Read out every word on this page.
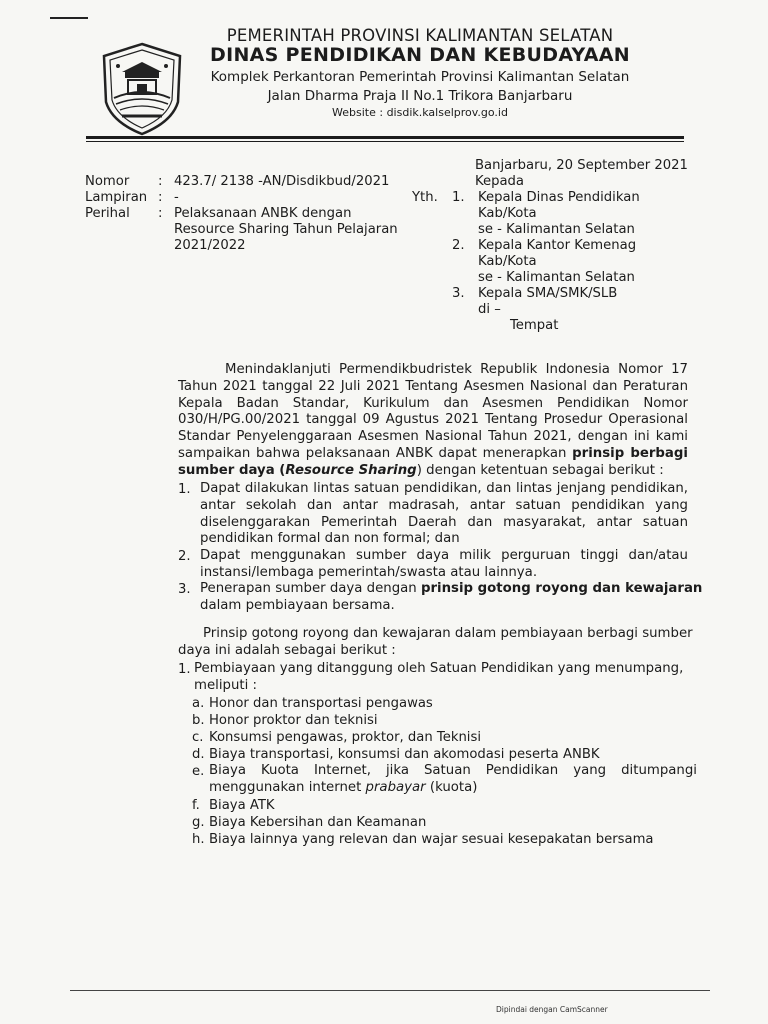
PEMERINTAH PROVINSI KALIMANTAN SELATAN
DINAS PENDIDIKAN DAN KEBUDAYAAN
Komplek Perkantoran Pemerintah Provinsi Kalimantan Selatan
Jalan Dharma Praja II No.1 Trikora Banjarbaru
Website : disdik.kalselprov.go.id
Nomor : 423.7/ 2138 -AN/Disdikbud/2021
Lampiran : -
Perihal : Pelaksanaan ANBK dengan
Resource Sharing Tahun Pelajaran
2021/2022
Banjarbaru, 20 September 2021
Kepada
Yth. 1. Kepala Dinas Pendidikan
Kab/Kota
se - Kalimantan Selatan
2. Kepala Kantor Kemenag
Kab/Kota
se - Kalimantan Selatan
3. Kepala SMA/SMK/SLB
di –
Tempat
Menindaklanjuti Permendikbudristek Republik Indonesia Nomor 17
Tahun 2021 tanggal 22 Juli 2021 Tentang Asesmen Nasional dan Peraturan
Kepala Badan Standar, Kurikulum dan Asesmen Pendidikan Nomor
030/H/PG.00/2021 tanggal 09 Agustus 2021 Tentang Prosedur Operasional
Standar Penyelenggaraan Asesmen Nasional Tahun 2021, dengan ini kami
sampaikan bahwa pelaksanaan ANBK dapat menerapkan prinsip berbagi
sumber daya (Resource Sharing) dengan ketentuan sebagai berikut :
1. Dapat dilakukan lintas satuan pendidikan, dan lintas jenjang pendidikan,
antar sekolah dan antar madrasah, antar satuan pendidikan yang
diselenggarakan Pemerintah Daerah dan masyarakat, antar satuan
pendidikan formal dan non formal; dan
2. Dapat menggunakan sumber daya milik perguruan tinggi dan/atau
instansi/lembaga pemerintah/swasta atau lainnya.
3. Penerapan sumber daya dengan prinsip gotong royong dan kewajaran
dalam pembiayaan bersama.
Prinsip gotong royong dan kewajaran dalam pembiayaan berbagi sumber
daya ini adalah sebagai berikut :
1. Pembiayaan yang ditanggung oleh Satuan Pendidikan yang menumpang,
meliputi :
a. Honor dan transportasi pengawas
b. Honor proktor dan teknisi
c. Konsumsi pengawas, proktor, dan Teknisi
d. Biaya transportasi, konsumsi dan akomodasi peserta ANBK
e. Biaya Kuota Internet, jika Satuan Pendidikan yang ditumpangi
menggunakan internet prabayar (kuota)
f. Biaya ATK
g. Biaya Kebersihan dan Keamanan
h. Biaya lainnya yang relevan dan wajar sesuai kesepakatan bersama
Dipindai dengan CamScanner
